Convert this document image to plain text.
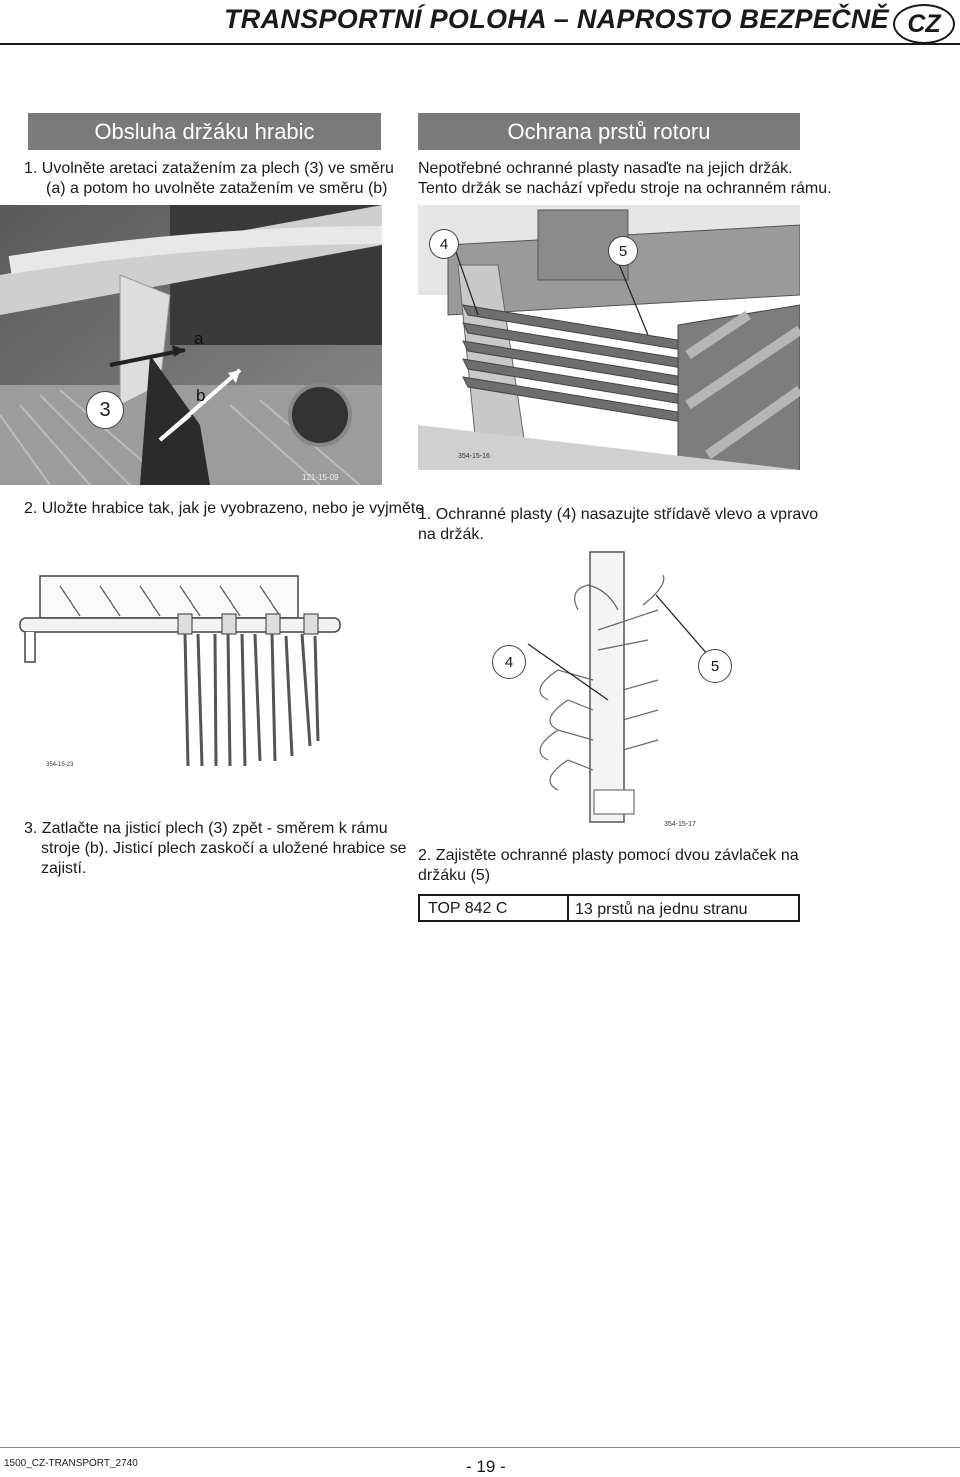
TRANSPORTNÍ POLOHA – NAPROSTO BEZPEČNĚ CZ
Obsluha držáku hrabic
1. Uvolněte aretaci zatažením za plech (3) ve směru
(a) a potom ho uvolněte zatažením ve směru (b)
3
a
b
121-15-09
2. Uložte hrabice tak, jak je vyobrazeno, nebo je vyjměte
354-15-23
3. Zatlačte na jisticí plech (3) zpět - směrem k rámu
stroje (b). Jisticí plech zaskočí a uložené hrabice se
zajistí.
Ochrana prstů rotoru
Nepotřebné ochranné plasty nasaďte na jejich držák.
Tento držák se nachází vpředu stroje na ochranném rámu.
354-15-16
4	5
1. Ochranné plasty (4) nasazujte střídavě vlevo a vpravo
na držák.
354-15-17
4	5
2. Zajistěte ochranné plasty pomocí dvou závlaček na
držáku (5)
TOP 842 C	13 prstů na jednu stranu
1500_CZ-TRANSPORT_2740	- 19 -
